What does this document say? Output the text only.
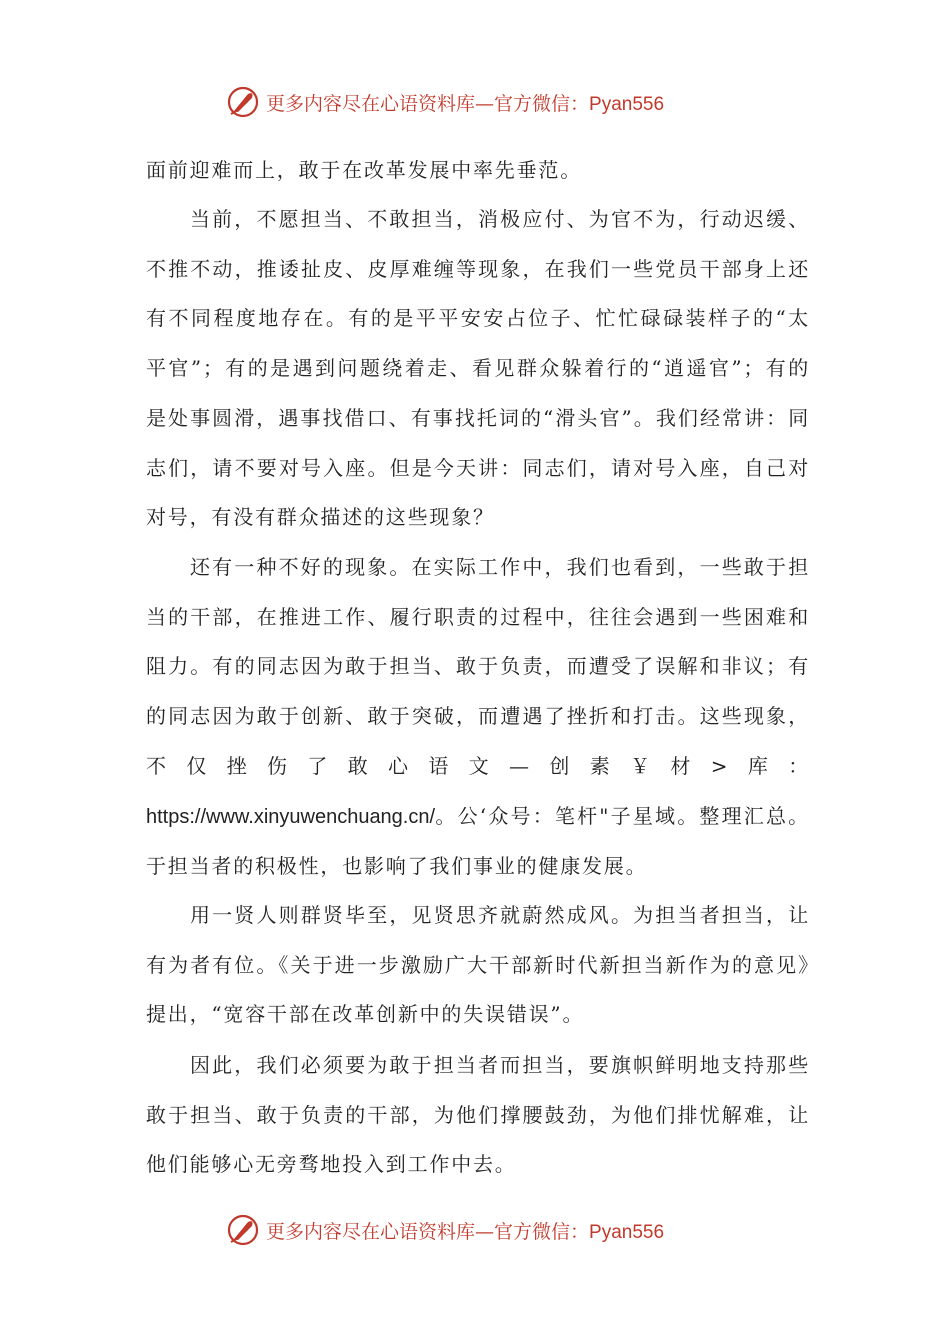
更多内容尽在心语资料库—官方微信：Pyan556

面前迎难而上，敢于在改革发展中率先垂范。

当前，不愿担当、不敢担当，消极应付、为官不为，行动迟缓、不推不动，推诿扯皮、皮厚难缠等现象，在我们一些党员干部身上还有不同程度地存在。有的是平平安安占位子、忙忙碌碌装样子的“太平官”；有的是遇到问题绕着走、看见群众躲着行的“逍遥官”；有的是处事圆滑，遇事找借口、有事找托词的“滑头官”。我们经常讲：同志们，请不要对号入座。但是今天讲：同志们，请对号入座，自己对对号，有没有群众描述的这些现象？

还有一种不好的现象。在实际工作中，我们也看到，一些敢于担当的干部，在推进工作、履行职责的过程中，往往会遇到一些困难和阻力。有的同志因为敢于担当、敢于负责，而遭受了误解和非议；有的同志因为敢于创新、敢于突破，而遭遇了挫折和打击。这些现象，不仅挫伤了敢心语文—创素￥材>库：https://www.xinyuwenchuang.cn/。公‘众号：笔杆"子星域。整理汇总。于担当者的积极性，也影响了我们事业的健康发展。

用一贤人则群贤毕至，见贤思齐就蔚然成风。为担当者担当，让有为者有位。《关于进一步激励广大干部新时代新担当新作为的意见》提出，“宽容干部在改革创新中的失误错误”。

因此，我们必须要为敢于担当者而担当，要旗帜鲜明地支持那些敢于担当、敢于负责的干部，为他们撑腰鼓劲，为他们排忧解难，让他们能够心无旁骛地投入到工作中去。

更多内容尽在心语资料库—官方微信：Pyan556
